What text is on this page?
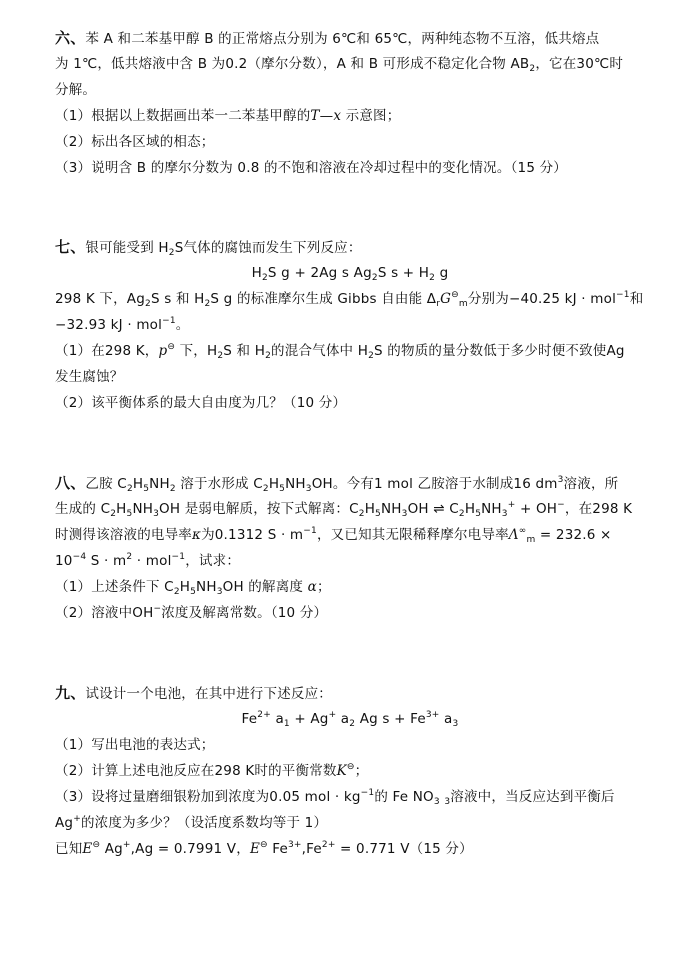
六、苯 A 和二苯基甲醇 B 的正常熔点分别为 6℃和 65℃，两种纯态物不互溶，低共熔点
为 1℃，低共熔液中含 B 为0.2（摩尔分数），A 和 B 可形成不稳定化合物 $AB_2$，它在30℃时
分解。
（1）根据以上数据画出苯一二苯基甲醇的T—x 示意图；
（2）标出各区域的相态；
（3）说明含 B 的摩尔分数为 0.8 的不饱和溶液在冷却过程中的变化情况。（15 分）
七、银可能受到 $H_2S$气体的腐蚀而发生下列反应：
$H_2S$ g + 2Ag s $Ag_2S$ $s + H_2$ g
298 K 下，$Ag_2S$ s 和 $H_2S$ g 的标准摩尔生成 Gibbs 自由能 $\Delta_rG^⊖_m$分别为−40.25 kJ · mol$^{-1}$和
−32.93 kJ · mol$^{-1}$。
（1）在298 K，p⊖ 下，$H_2S$ 和 $H_2$的混合气体中 $H_2S$ 的物质的量分数低于多少时便不致使Ag
发生腐蚀？
（2）该平衡体系的最大自由度为几？（10 分）
八、乙胺 $C_2H_5NH_2$ 溶于水形成 $C_2H_5NH_3OH$。今有1 mol 乙胺溶于水制成16 $dm^3$溶液，所
生成的 $C_2H_5NH_3OH$ 是弱电解质，按下式解离：$C_2H_5NH_3OH$ ⇌ $C_2H_5NH_3^+ + OH^-$，在298 K
时测得该溶液的电导率κ为0.1312 $S \cdot m^{-1}$，又已知其无限稀释摩尔电导率$\Lambda^\infty_m = 232.6$ ×
$10^{-4}$ $S \cdot m^2 \cdot mol^{-1}$，试求：
（1）上述条件下 $C_2H_5NH_3OH$ 的解离度 α；
（2）溶液中OH−浓度及解离常数。（10 分）
九、试设计一个电池，在其中进行下述反应：
$Fe^{2+}$ $a_1 + Ag^+$ $a_2$ Ag $s + Fe^{3+}$ $a_3$
（1）写出电池的表达式；
（2）计算上述电池反应在298 K时的平衡常数K⊖；
（3）设将过量磨细银粉加到浓度为0.05 mol · $kg^{-1}$的 Fe $NO_3$ $_3$溶液中，当反应达到平衡后
Ag+的浓度为多少？（设活度系数均等于 1）
已知E⊖ Ag+,Ag = 0.7991 V，E⊖ $Fe^{3+},Fe^{2+} = 0.771$ V（15 分）
